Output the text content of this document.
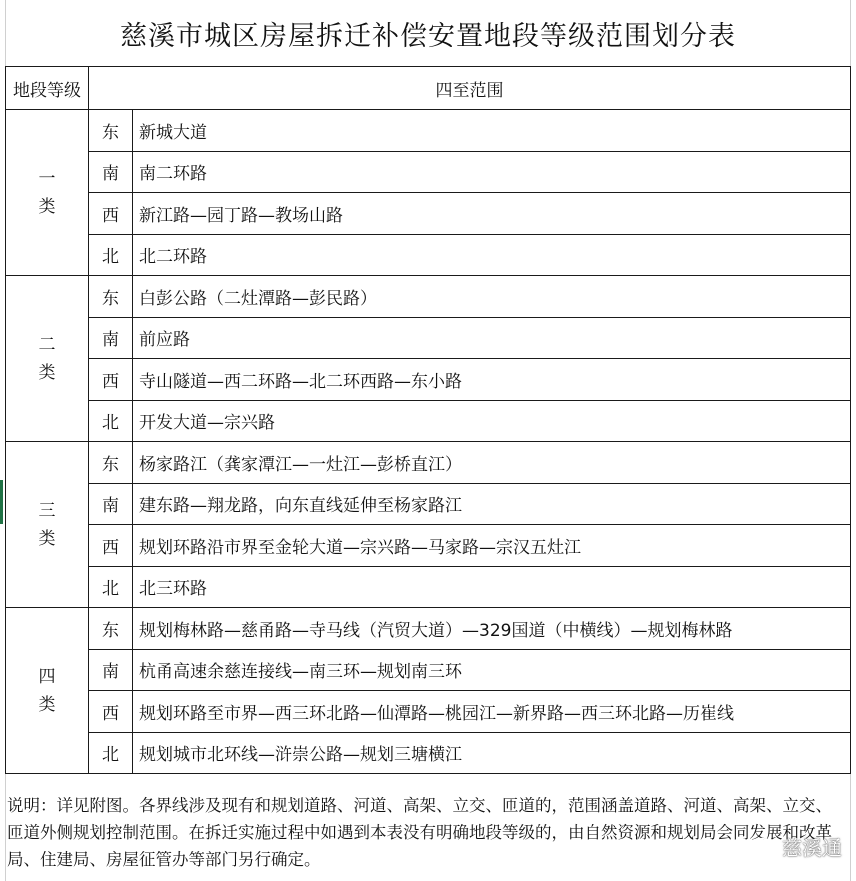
慈溪市城区房屋拆迁补偿安置地段等级范围划分表
地段等级	四至范围	

一
类	东	新城大道
	南	南二环路
	西	新江路—园丁路—教场山路
	北	北二环路

二
类	东	白彭公路（二灶潭路—彭民路）
	南	前应路
	西	寺山隧道—西二环路—北二环西路—东小路
	北	开发大道—宗兴路

三
类	东	杨家路江（龚家潭江—一灶江—彭桥直江）
	南	建东路—翔龙路，向东直线延伸至杨家路江
	西	规划环路沿市界至金轮大道—宗兴路—马家路—宗汉五灶江
	北	北三环路

四
类	东	规划梅林路—慈甬路—寺马线（汽贸大道）—329国道（中横线）—规划梅林路
	南	杭甬高速余慈连接线—南三环—规划南三环
	西	规划环路至市界—西三环北路—仙潭路—桃园江—新界路—西三环北路—历崔线
	北	规划城市北环线—浒崇公路—规划三塘横江
说明：详见附图。各界线涉及现有和规划道路、河道、高架、立交、匝道的，范围涵盖道路、河道、高架、立交、匝道外侧规划控制范围。在拆迁实施过程中如遇到本表没有明确地段等级的，由自然资源和规划局会同发展和改革局、住建局、房屋征管办等部门另行确定。	慈溪通
